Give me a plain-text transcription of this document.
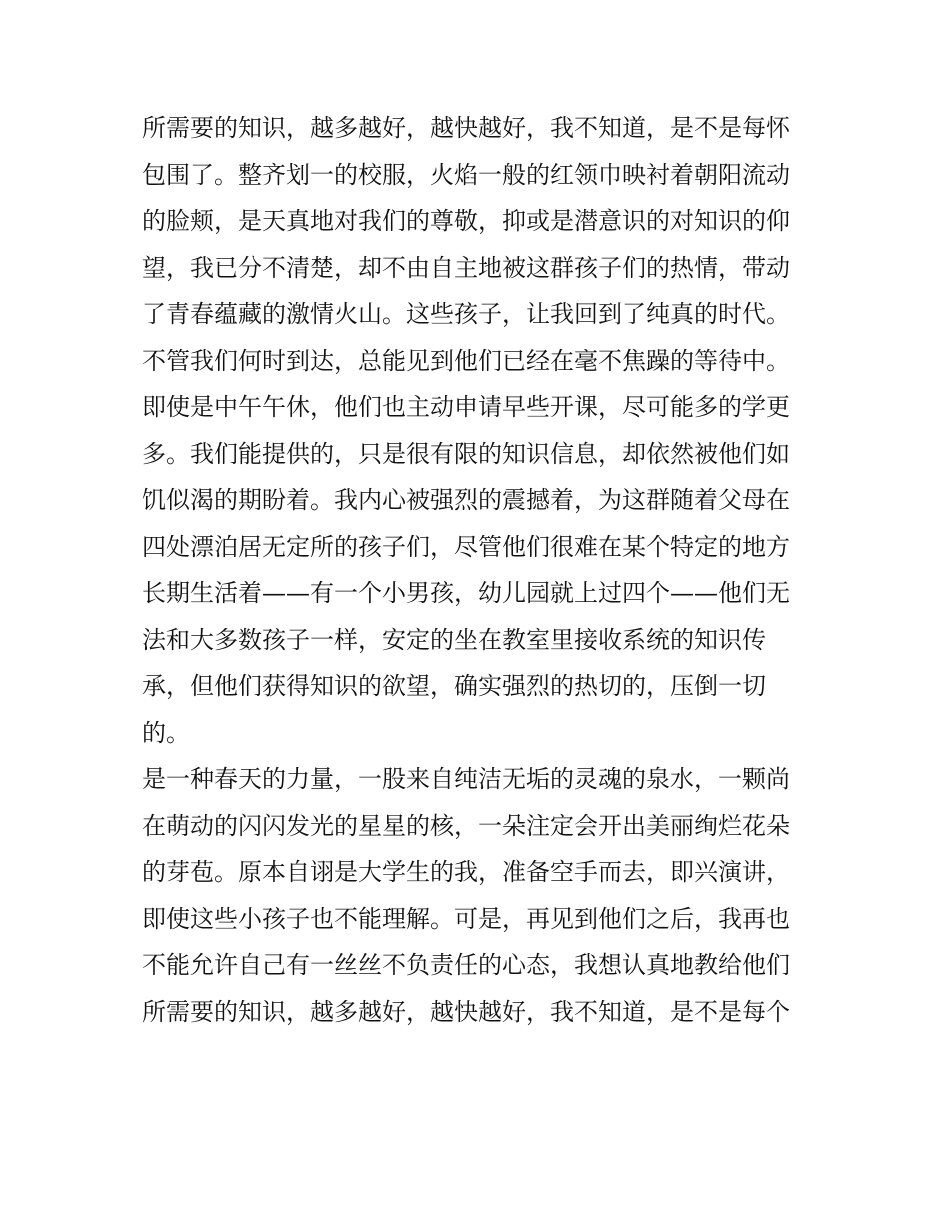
所需要的知识，越多越好，越快越好，我不知道，是不是每怀
包围了。整齐划一的校服，火焰一般的红领巾映衬着朝阳流动
的脸颊，是天真地对我们的尊敬，抑或是潜意识的对知识的仰
望，我已分不清楚，却不由自主地被这群孩子们的热情，带动
了青春蕴藏的激情火山。这些孩子，让我回到了纯真的时代。
不管我们何时到达，总能见到他们已经在毫不焦躁的等待中。
即使是中午午休，他们也主动申请早些开课，尽可能多的学更
多。我们能提供的，只是很有限的知识信息，却依然被他们如
饥似渴的期盼着。我内心被强烈的震撼着，为这群随着父母在
四处漂泊居无定所的孩子们，尽管他们很难在某个特定的地方
长期生活着——有一个小男孩，幼儿园就上过四个——他们无
法和大多数孩子一样，安定的坐在教室里接收系统的知识传
承，但他们获得知识的欲望，确实强烈的热切的，压倒一切
的。
是一种春天的力量，一股来自纯洁无垢的灵魂的泉水，一颗尚
在萌动的闪闪发光的星星的核，一朵注定会开出美丽绚烂花朵
的芽苞。原本自诩是大学生的我，准备空手而去，即兴演讲，
即使这些小孩子也不能理解。可是，再见到他们之后，我再也
不能允许自己有一丝丝不负责任的心态，我想认真地教给他们
所需要的知识，越多越好，越快越好，我不知道，是不是每个
